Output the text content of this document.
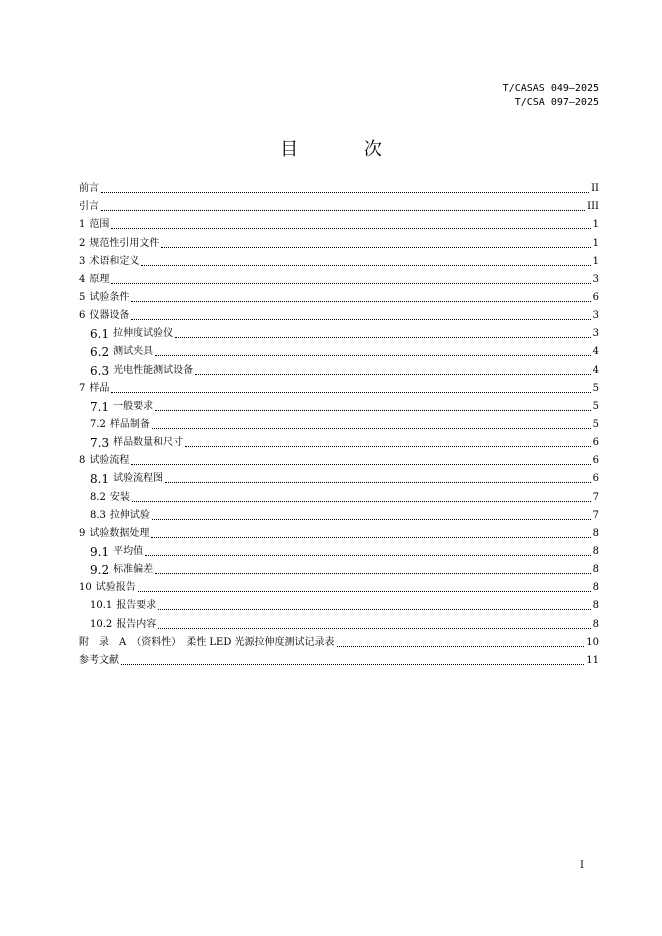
T/CASAS 049—2025
T/CSA 097—2025
目 次
前言	II
引言	III
1 范围	1
2 规范性引用文件	1
3 术语和定义	1
4 原理	3
5 试验条件	6
6 仪器设备	3
6.1 拉伸度试验仪	3
6.2 测试夹具	4
6.3 光电性能测试设备	4
7 样品	5
7.1 一般要求	5
7.2 样品制备	5
7.3 样品数量和尺寸	6
8 试验流程	6
8.1 试验流程图	6
8.2 安装	7
8.3 拉伸试验	7
9 试验数据处理	8
9.1 平均值	8
9.2 标准偏差	8
10 试验报告	8
10.1 报告要求	8
10.2 报告内容	8
附　录　A　（资料性）　柔性 LED 光源拉伸度测试记录表	10
参考文献	11
I
